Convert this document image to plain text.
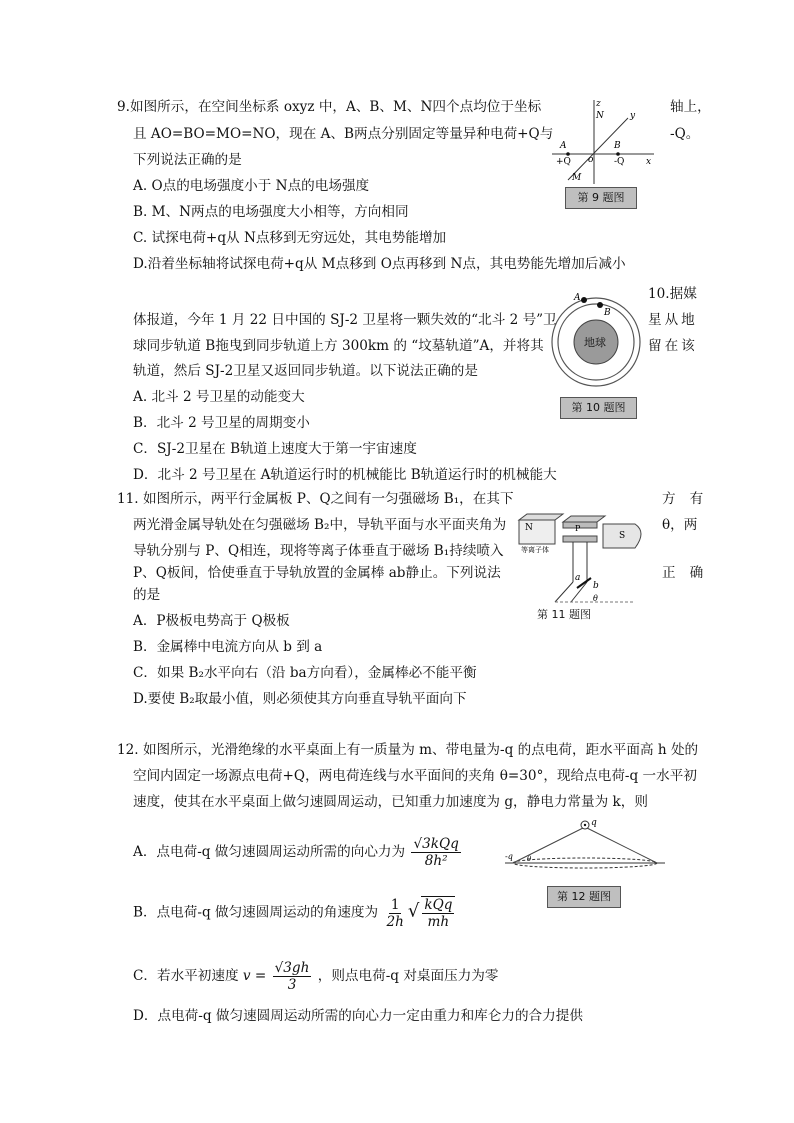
9.如图所示，在空间坐标系 oxyz 中，A、B、M、N四个点均位于坐标	轴上，
且 AO=BO=MO=NO，现在 A、B两点分别固定等量异种电荷+Q与	-Q。
下列说法正确的是
A. O点的电场强度小于 N点的电场强度
B. M、N两点的电场强度大小相等，方向相同
C. 试探电荷+q从 N点移到无穷远处，其电势能增加
D.沿着坐标轴将试探电荷+q从 M点移到 O点再移到 N点，其电势能先增加后减小
z
N	y
A	B
o
+Q	-Q x
M
第 9 题图
10.据媒
体报道，今年 1 月 22 日中国的 SJ-2 卫星将一颗失效的“北斗 2 号”卫	星从地
球同步轨道 B拖曳到同步轨道上方 300km 的 “坟墓轨道”A，并将其	留在该
轨道，然后 SJ-2卫星又返回同步轨道。以下说法正确的是
A. 北斗 2 号卫星的动能变大
B．北斗 2 号卫星的周期变小
C．SJ-2卫星在 B轨道上速度大于第一宇宙速度
D．北斗 2 号卫星在 A轨道运行时的机械能比 B轨道运行时的机械能大
A
B
地球
第 10 题图
11. 如图所示，两平行金属板 P、Q之间有一匀强磁场 B₁，在其下	方有
两光滑金属导轨处在匀强磁场 B₂中，导轨平面与水平面夹角为	θ，两
导轨分别与 P、Q相连，现将等离子体垂直于磁场 B₁持续喷入
P、Q板间，恰使垂直于导轨放置的金属棒 ab静止。下列说法	正确
的是
A．P极板电势高于 Q极板
B．金属棒中电流方向从 b 到 a
C．如果 B₂水平向右（沿 ba方向看），金属棒必不能平衡
D.要使 B₂取最小值，则必须使其方向垂直导轨平面向下
N	P
S
等离子体
a
b
θ
第 11 题图
12. 如图所示，光滑绝缘的水平桌面上有一质量为 m、带电量为-q 的点电荷，距水平面高 h 处的
空间内固定一场源点电荷+Q，两电荷连线与水平面间的夹角 θ=30°，现给点电荷-q 一水平初
速度，使其在水平桌面上做匀速圆周运动，已知重力加速度为 g，静电力常量为 k，则
A．点电荷-q 做匀速圆周运动所需的向心力为 $\frac{\text{√3kQq}}{\text{8h²}}$
B．点电荷-q 做匀速圆周运动的角速度为 $\frac{1}{2h}$ √ $\frac{\text{kQq}}{mh}$
C．若水平初速度 $v = \frac{√3gh}{3}$ ，则点电荷-q 对桌面压力为零
D．点电荷-q 做匀速圆周运动所需的向心力一定由重力和库仑力的合力提供
q
-q θ
第 12 题图
